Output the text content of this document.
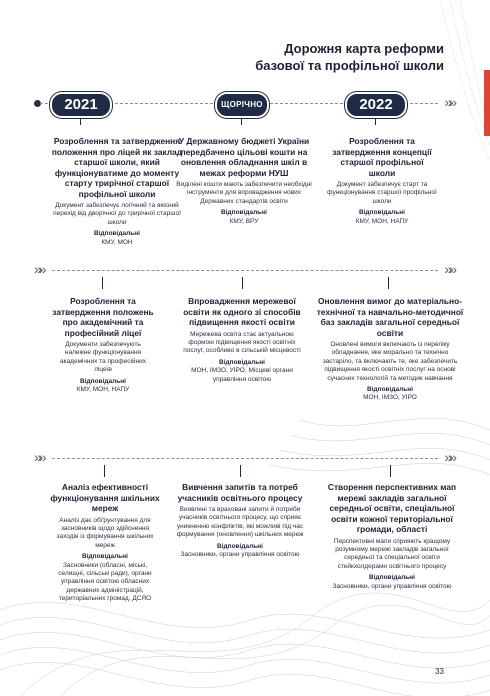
Дорожня карта реформи
базової та профільної школи
»»
2021	ЩОРІЧНО	2022
Розроблення та затвердження положення про ліцей як заклад старшої школи, який функціонуватиме до моменту старту трирічної старшої профільної школи
Документ забезпечує логічний та якісний перехід від дворічної до трирічної старшої школи
Відповідальні
КМУ, МОН
У Державному бюджеті України передбачено цільові кошти на оновлення обладнання шкіл в межах реформи НУШ
Виділені кошти мають забезпечити необхідні інструменти для впровадження нових Державних стандартів освіти
Відповідальні
КМУ, ВРУ
Розроблення та затвердження концепції старшої профільної школи
Документ забезпечує старт та функціонування старшої профільної школи
Відповідальні
КМУ, МОН, НАПУ
»»	»»
Розроблення та затвердження положень про академічний та професійний ліцеї
Документи забезпечують належне функціонування академічних та професійних ліцеїв
Відповідальні
КМУ, МОН, НАПУ
Впровадження мережевої освіти як одного зі способів підвищення якості освіти
Мережева освіта стає актуальною формою підвищення якості освітніх послуг, особливо в сільській місцевості
Відповідальні
МОН, ІМЗО, УІРО, Місцеві органи управління освітою
Оновлення вимог до матеріально-технічної та навчально-методичної баз закладів загальної середньої освіти
Оновлені вимоги включають із переліку обладнання, яке морально та технічно застаріло, та включають те, яке забезпечить підвищення якості освітніх послуг на основі сучасних технологій та методик навчання
Відповідальні
МОН, ІМЗО, УІРО
»»	»»
Аналіз ефективності функціонування шкільних мереж
Аналіз дає обґрунтування для засновників щодо здійснення заходів із формування шкільних мереж
Відповідальні
Засновники (обласні, міські, селищні, сільські ради), органи управління освітою обласних державних адміністрацій, територіальних громад, ДСЯО
Вивчення запитів та потреб учасників освітнього процесу
Виявлені та враховані запити й потреби учасників освітнього процесу, що сприяє уникненню конфліктів, які можливі під час формування (оновлення) шкільних мереж
Відповідальні
Засновники, органи управління освітою
Створення перспективних мап мережі закладів загальної середньої освіти, спеціальної освіти кожної територіальної громади, області
Перспективні мапи сприяють кращому розумному мережі закладів загальної середньої та спеціальної освіти стейкхолдерами освітнього процесу
Відповідальні
Засновники, органи управління освітою
33
